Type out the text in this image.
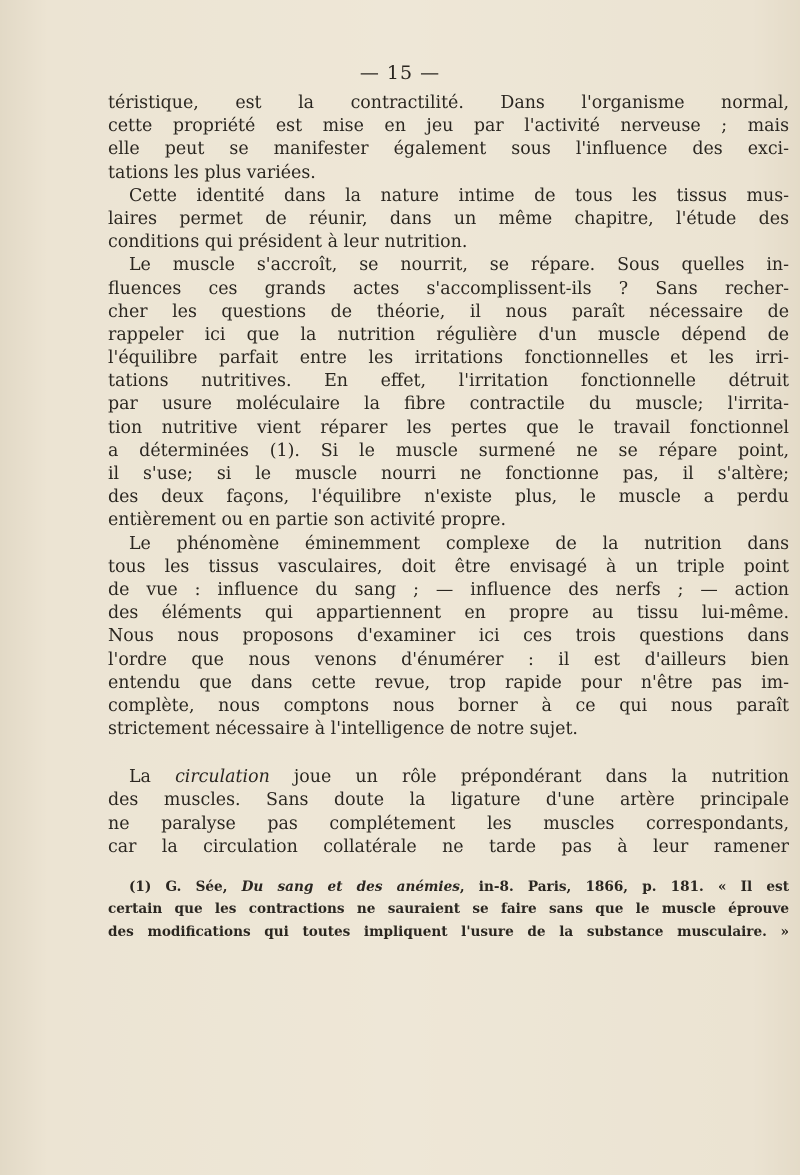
— 15 —
téristique, est la contractilité. Dans l'organisme normal,
cette propriété est mise en jeu par l'activité nerveuse ; mais
elle peut se manifester également sous l'influence des exci-
tations les plus variées.
Cette identité dans la nature intime de tous les tissus mus-
laires permet de réunir, dans un même chapitre, l'étude des
conditions qui président à leur nutrition.
Le muscle s'accroît, se nourrit, se répare. Sous quelles in-
fluences ces grands actes s'accomplissent-ils ? Sans recher-
cher les questions de théorie, il nous paraît nécessaire de
rappeler ici que la nutrition régulière d'un muscle dépend de
l'équilibre parfait entre les irritations fonctionnelles et les irri-
tations nutritives. En effet, l'irritation fonctionnelle détruit
par usure moléculaire la fibre contractile du muscle; l'irrita-
tion nutritive vient réparer les pertes que le travail fonctionnel
a déterminées (1). Si le muscle surmené ne se répare point,
il s'use; si le muscle nourri ne fonctionne pas, il s'altère;
des deux façons, l'équilibre n'existe plus, le muscle a perdu
entièrement ou en partie son activité propre.
Le phénomène éminemment complexe de la nutrition dans
tous les tissus vasculaires, doit être envisagé à un triple point
de vue : influence du sang ; — influence des nerfs ; — action
des éléments qui appartiennent en propre au tissu lui-même.
Nous nous proposons d'examiner ici ces trois questions dans
l'ordre que nous venons d'énumérer : il est d'ailleurs bien
entendu que dans cette revue, trop rapide pour n'être pas im-
complète, nous comptons nous borner à ce qui nous paraît
strictement nécessaire à l'intelligence de notre sujet.
La circulation joue un rôle prépondérant dans la nutrition
des muscles. Sans doute la ligature d'une artère principale
ne paralyse pas complétement les muscles correspondants,
car la circulation collatérale ne tarde pas à leur ramener
(1) G. Sée, Du sang et des anémies, in-8. Paris, 1866, p. 181. « Il est
certain que les contractions ne sauraient se faire sans que le muscle éprouve
des modifications qui toutes impliquent l'usure de la substance musculaire. »
